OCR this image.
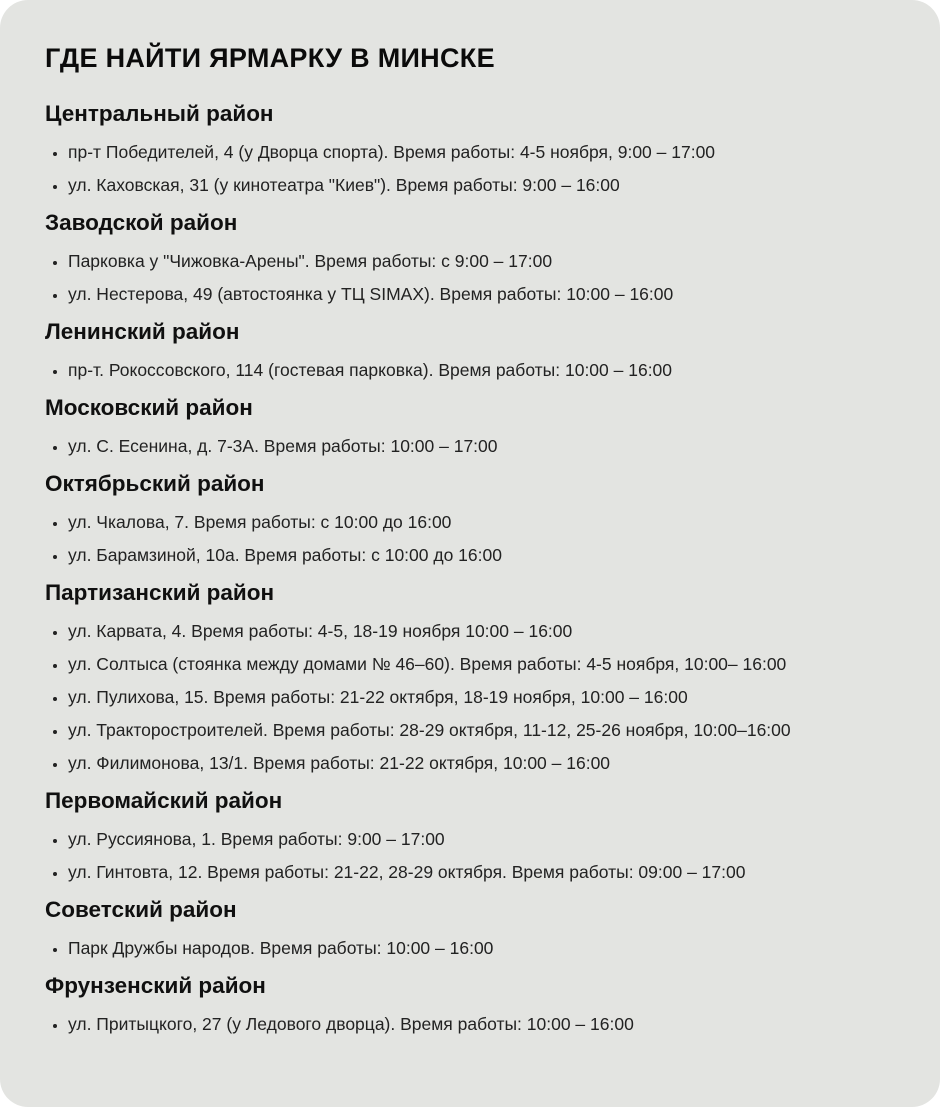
ГДЕ НАЙТИ ЯРМАРКУ В МИНСКЕ
Центральный район
• пр-т Победителей, 4 (у Дворца спорта). Время работы: 4-5 ноября, 9:00 – 17:00
• ул. Каховская, 31 (у кинотеатра "Киев"). Время работы: 9:00 – 16:00
Заводской район
• Парковка у "Чижовка-Арены". Время работы: с 9:00 – 17:00
• ул. Нестерова, 49 (автостоянка у ТЦ SIMAX). Время работы: 10:00 – 16:00
Ленинский район
• пр-т. Рокоссовского, 114 (гостевая парковка). Время работы: 10:00 – 16:00
Московский район
• ул. С. Есенина, д. 7-3А. Время работы: 10:00 – 17:00
Октябрьский район
• ул. Чкалова, 7. Время работы: с 10:00 до 16:00
• ул. Барамзиной, 10а. Время работы: с 10:00 до 16:00
Партизанский район
• ул. Карвата, 4. Время работы: 4-5, 18-19 ноября 10:00 – 16:00
• ул. Солтыса (стоянка между домами № 46–60). Время работы: 4-5 ноября, 10:00– 16:00
• ул. Пулихова, 15. Время работы: 21-22 октября, 18-19 ноября, 10:00 – 16:00
• ул. Тракторостроителей. Время работы: 28-29 октября, 11-12, 25-26 ноября, 10:00–16:00
• ул. Филимонова, 13/1. Время работы: 21-22 октября, 10:00 – 16:00
Первомайский район
• ул. Руссиянова, 1. Время работы: 9:00 – 17:00
• ул. Гинтовта, 12. Время работы: 21-22, 28-29 октября. Время работы: 09:00 – 17:00
Советский район
• Парк Дружбы народов. Время работы: 10:00 – 16:00
Фрунзенский район
• ул. Притыцкого, 27 (у Ледового дворца). Время работы: 10:00 – 16:00
